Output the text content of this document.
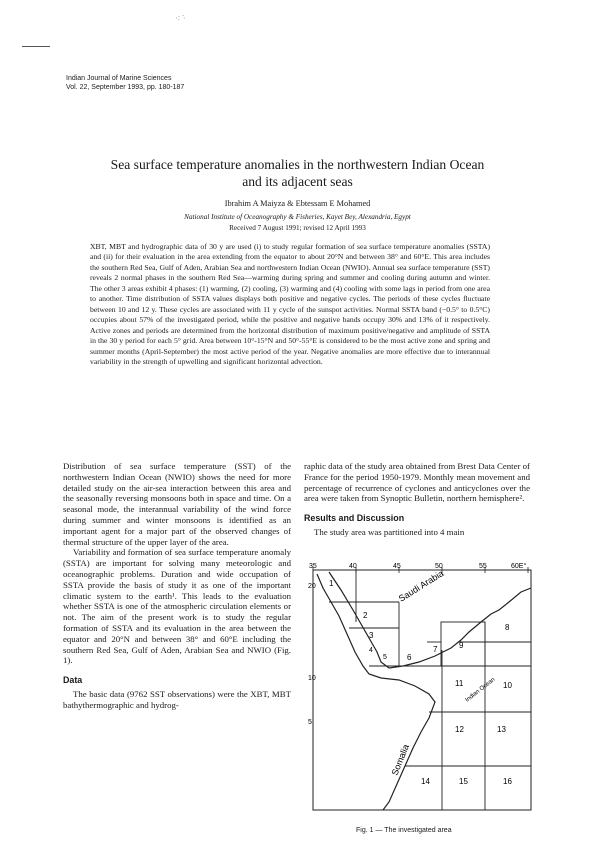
∵ :
Indian Journal of Marine Sciences
Vol. 22, September 1993, pp. 180-187
Sea surface temperature anomalies in the northwestern Indian Ocean
and its adjacent seas
Ibrahim A Maiyza & Ebtessam E Mohamed
National Institute of Oceanography & Fisheries, Kayet Bey, Alexandria, Egypt
Received 7 August 1991; revised 12 April 1993
XBT, MBT and hydrographic data of 30 y are used (i) to study regular formation of sea surface temperature anomalies (SSTA) and (ii) for their evaluation in the area extending from the equator to about 20°N and between 38° and 60°E. This area includes the southern Red Sea, Gulf of Aden, Arabian Sea and northwestern Indian Ocean (NWIO). Annual sea surface temperature (SST) reveals 2 normal phases in the southern Red Sea—warming during spring and summer and cooling during autumn and winter. The other 3 areas exhibit 4 phases: (1) warming, (2) cooling, (3) warming and (4) cooling with some lags in period from one area to another. Time distribution of SSTA values displays both positive and negative cycles. The periods of these cycles fluctuate between 10 and 12 y. These cycles are associated with 11 y cycle of the sunspot activities. Normal SSTA band (−0.5° to 0.5°C) occupies about 57% of the investigated period, while the positive and negative bands occupy 30% and 13% of it respectively. Active zones and periods are determined from the horizontal distribution of maximum positive/negative and amplitude of SSTA in the 30 y period for each 5° grid. Area between 10°-15°N and 50°-55°E is considered to be the most active zone and spring and summer months (April-September) the most active period of the year. Negative anomalies are more effective due to interannual variability in the strength of upwelling and significant horizontal advection.

Distribution of sea surface temperature (SST) of the northwestern Indian Ocean (NWIO) shows the need for more detailed study on the air-sea interaction between this area and the seasonally reversing monsoons both in space and time. On a seasonal mode, the interannual variability of the wind force during summer and winter monsoons is identified as an important agent for a major part of the observed changes of thermal structure of the upper layer of the area.

Variability and formation of sea surface temperature anomaly (SSTA) are important for solving many meteorologic and oceanographic problems. Duration and wide occupation of SSTA provide the basis of study it as one of the important climatic system to the earth¹. This leads to the evaluation whether SSTA is one of the atmospheric circulation elements or not. The aim of the present work is to study the regular formation of SSTA and its evaluation in the area between the equator and 20°N and between 38° and 60°E including the southern Red Sea, Gulf of Aden, Arabian Sea and NWIO (Fig. 1).

Data

The basic data (9762 SST observations) were the XBT, MBT bathythermographic and hydrog-

raphic data of the study area obtained from Brest Data Center of France for the period 1950-1979. Monthly mean movement and percentage of recurrence of cyclones and anticyclones over the area were taken from Synoptic Bulletin, northern hemisphere².

Results and Discussion

The study area was partitioned into 4 main

35	40	45	50	55	60E°
20
10
5
1
2
3
4
5	6
7
8
9
10
11
12	13
14	15	16
Saudi Arabia
Somalia
Indian Ocean
Fig. 1 — The investigated area
